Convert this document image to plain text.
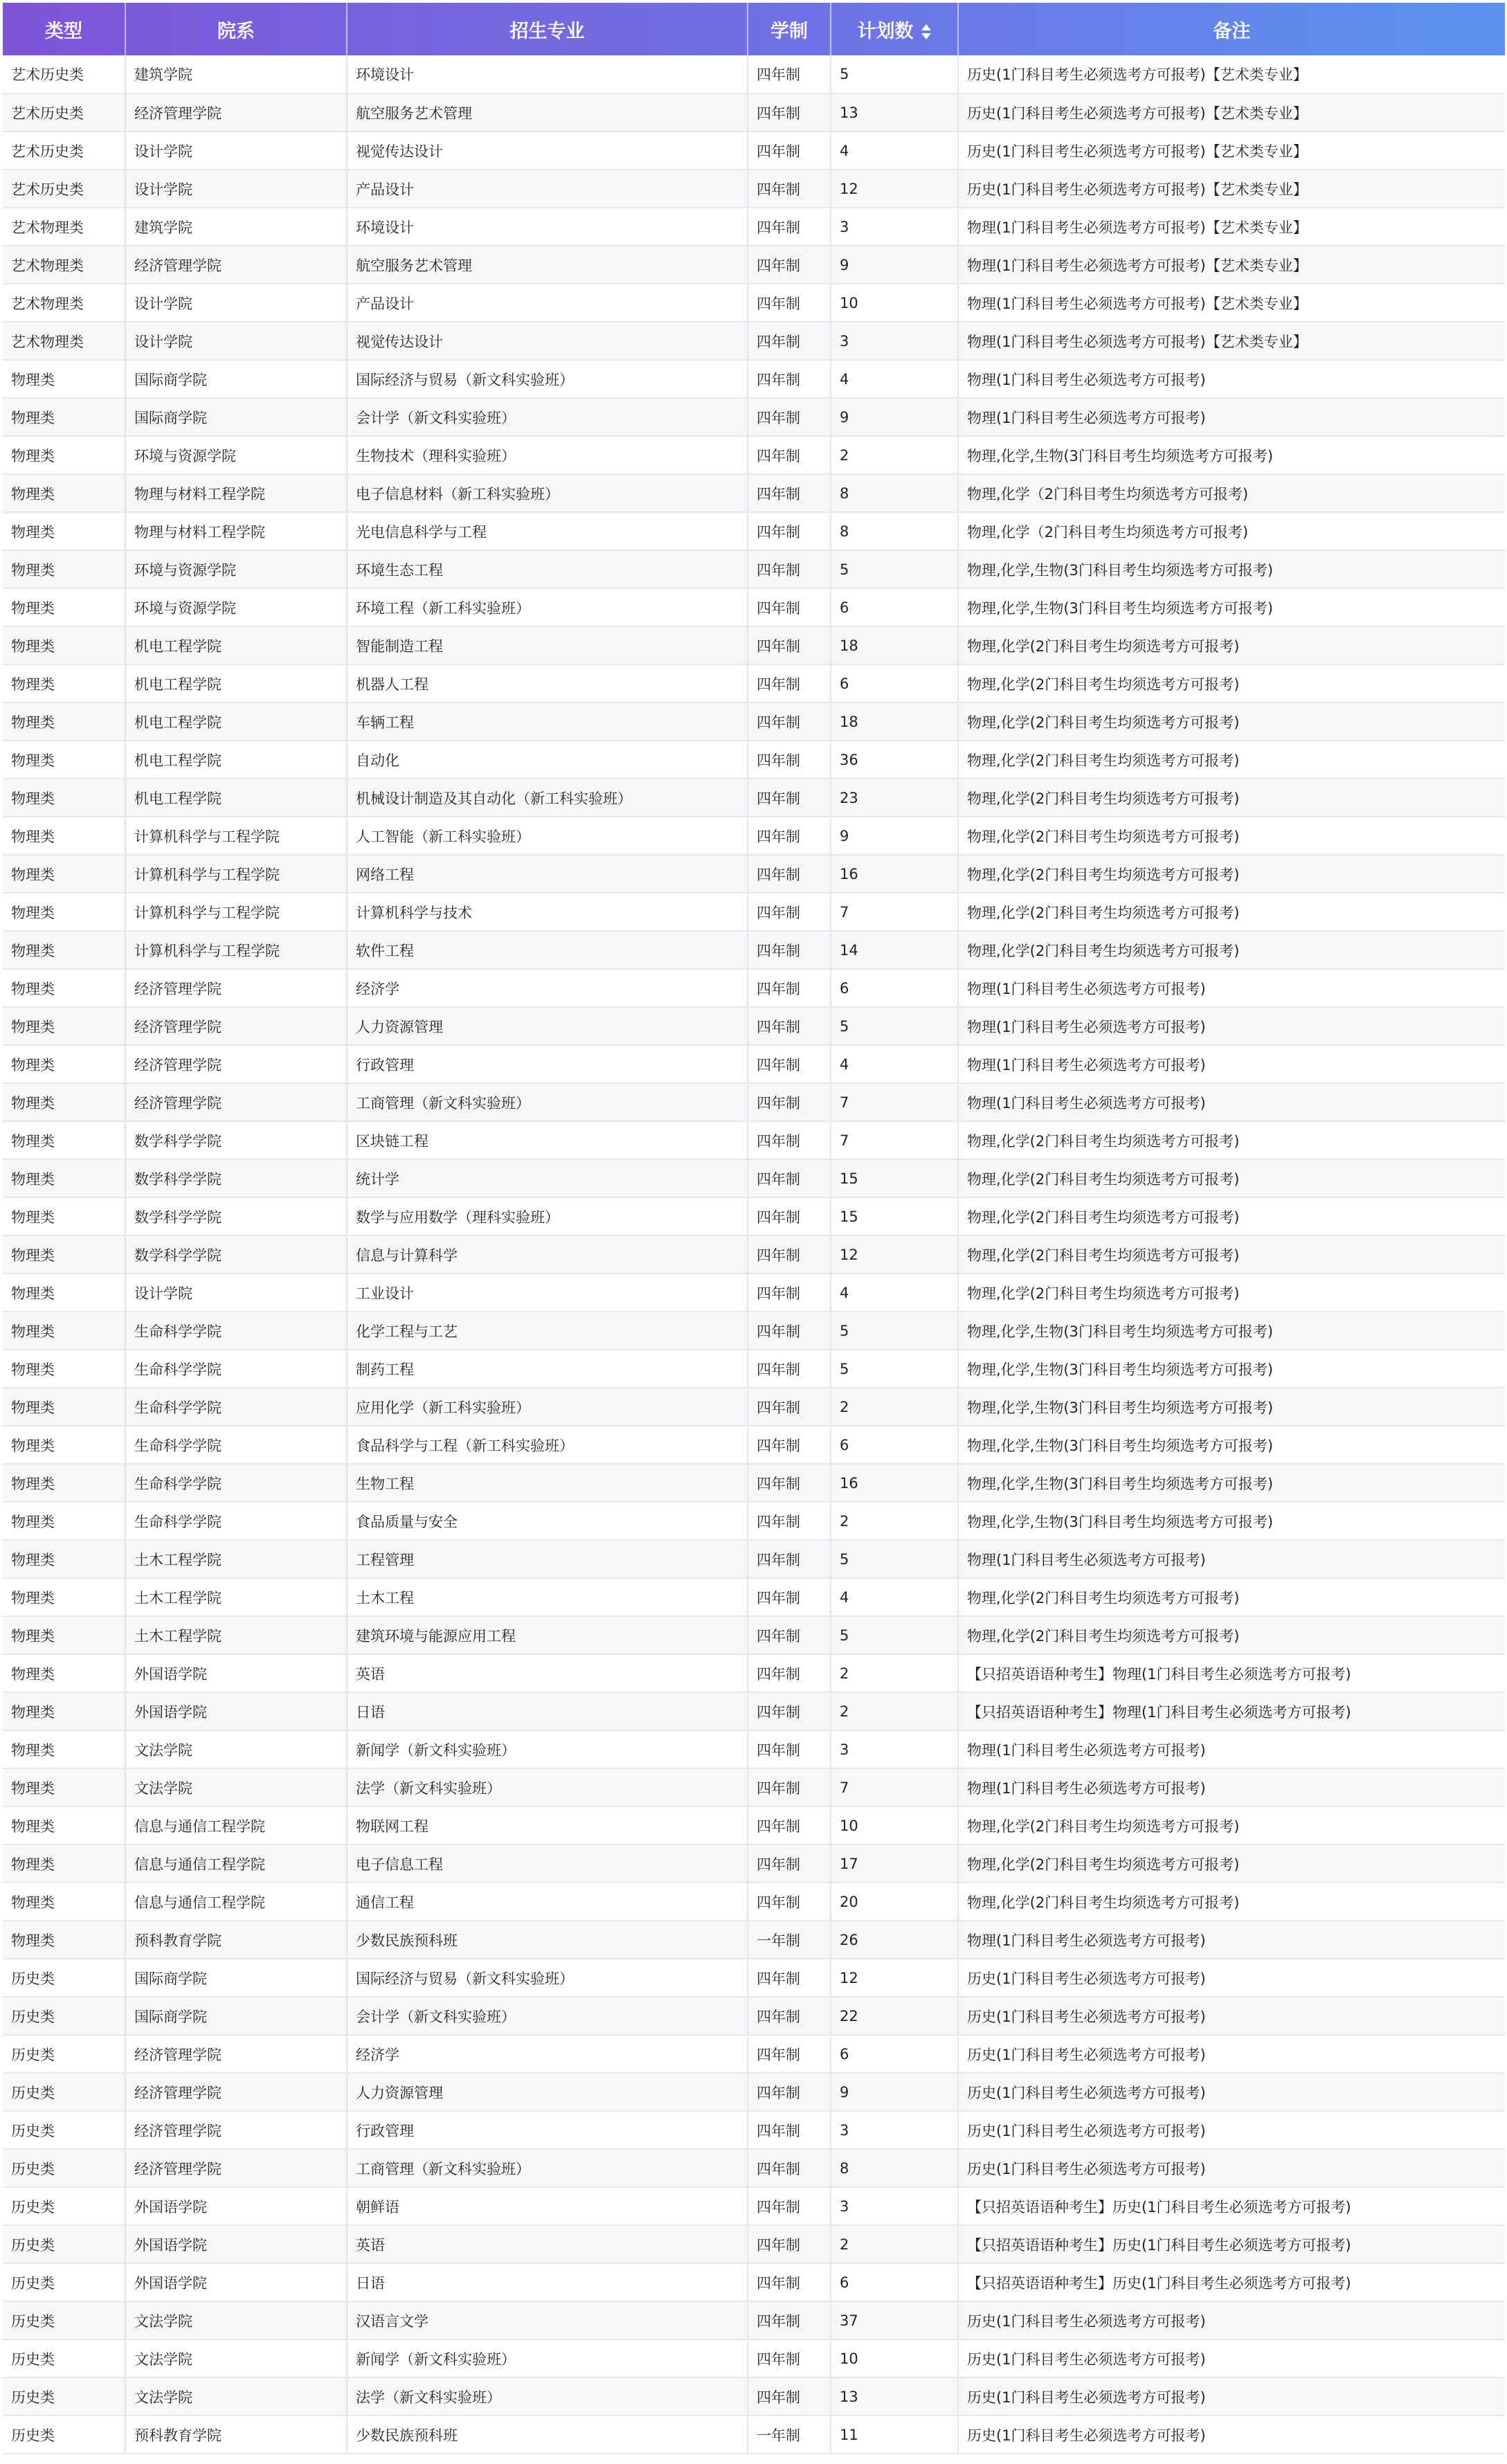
类型	院系	招生专业	学制	计划数	备注
艺术历史类	建筑学院	环境设计	四年制	5	历史(1门科目考生必须选考方可报考)【艺术类专业】
艺术历史类	经济管理学院	航空服务艺术管理	四年制	13	历史(1门科目考生必须选考方可报考)【艺术类专业】
艺术历史类	设计学院	视觉传达设计	四年制	4	历史(1门科目考生必须选考方可报考)【艺术类专业】
艺术历史类	设计学院	产品设计	四年制	12	历史(1门科目考生必须选考方可报考)【艺术类专业】
艺术物理类	建筑学院	环境设计	四年制	3	物理(1门科目考生必须选考方可报考)【艺术类专业】
艺术物理类	经济管理学院	航空服务艺术管理	四年制	9	物理(1门科目考生必须选考方可报考)【艺术类专业】
艺术物理类	设计学院	产品设计	四年制	10	物理(1门科目考生必须选考方可报考)【艺术类专业】
艺术物理类	设计学院	视觉传达设计	四年制	3	物理(1门科目考生必须选考方可报考)【艺术类专业】
物理类	国际商学院	国际经济与贸易（新文科实验班）	四年制	4	物理(1门科目考生必须选考方可报考)
物理类	国际商学院	会计学（新文科实验班）	四年制	9	物理(1门科目考生必须选考方可报考)
物理类	环境与资源学院	生物技术（理科实验班）	四年制	2	物理,化学,生物(3门科目考生均须选考方可报考)
物理类	物理与材料工程学院	电子信息材料（新工科实验班）	四年制	8	物理,化学（2门科目考生均须选考方可报考)
物理类	物理与材料工程学院	光电信息科学与工程	四年制	8	物理,化学（2门科目考生均须选考方可报考)
物理类	环境与资源学院	环境生态工程	四年制	5	物理,化学,生物(3门科目考生均须选考方可报考)
物理类	环境与资源学院	环境工程（新工科实验班）	四年制	6	物理,化学,生物(3门科目考生均须选考方可报考)
物理类	机电工程学院	智能制造工程	四年制	18	物理,化学(2门科目考生均须选考方可报考)
物理类	机电工程学院	机器人工程	四年制	6	物理,化学(2门科目考生均须选考方可报考)
物理类	机电工程学院	车辆工程	四年制	18	物理,化学(2门科目考生均须选考方可报考)
物理类	机电工程学院	自动化	四年制	36	物理,化学(2门科目考生均须选考方可报考)
物理类	机电工程学院	机械设计制造及其自动化（新工科实验班）	四年制	23	物理,化学(2门科目考生均须选考方可报考)
物理类	计算机科学与工程学院	人工智能（新工科实验班）	四年制	9	物理,化学(2门科目考生均须选考方可报考)
物理类	计算机科学与工程学院	网络工程	四年制	16	物理,化学(2门科目考生均须选考方可报考)
物理类	计算机科学与工程学院	计算机科学与技术	四年制	7	物理,化学(2门科目考生均须选考方可报考)
物理类	计算机科学与工程学院	软件工程	四年制	14	物理,化学(2门科目考生均须选考方可报考)
物理类	经济管理学院	经济学	四年制	6	物理(1门科目考生必须选考方可报考)
物理类	经济管理学院	人力资源管理	四年制	5	物理(1门科目考生必须选考方可报考)
物理类	经济管理学院	行政管理	四年制	4	物理(1门科目考生必须选考方可报考)
物理类	经济管理学院	工商管理（新文科实验班）	四年制	7	物理(1门科目考生必须选考方可报考)
物理类	数学科学学院	区块链工程	四年制	7	物理,化学(2门科目考生均须选考方可报考)
物理类	数学科学学院	统计学	四年制	15	物理,化学(2门科目考生均须选考方可报考)
物理类	数学科学学院	数学与应用数学（理科实验班）	四年制	15	物理,化学(2门科目考生均须选考方可报考)
物理类	数学科学学院	信息与计算科学	四年制	12	物理,化学(2门科目考生均须选考方可报考)
物理类	设计学院	工业设计	四年制	4	物理,化学(2门科目考生均须选考方可报考)
物理类	生命科学学院	化学工程与工艺	四年制	5	物理,化学,生物(3门科目考生均须选考方可报考)
物理类	生命科学学院	制药工程	四年制	5	物理,化学,生物(3门科目考生均须选考方可报考)
物理类	生命科学学院	应用化学（新工科实验班）	四年制	2	物理,化学,生物(3门科目考生均须选考方可报考)
物理类	生命科学学院	食品科学与工程（新工科实验班）	四年制	6	物理,化学,生物(3门科目考生均须选考方可报考)
物理类	生命科学学院	生物工程	四年制	16	物理,化学,生物(3门科目考生均须选考方可报考)
物理类	生命科学学院	食品质量与安全	四年制	2	物理,化学,生物(3门科目考生均须选考方可报考)
物理类	土木工程学院	工程管理	四年制	5	物理(1门科目考生必须选考方可报考)
物理类	土木工程学院	土木工程	四年制	4	物理,化学(2门科目考生均须选考方可报考)
物理类	土木工程学院	建筑环境与能源应用工程	四年制	5	物理,化学(2门科目考生均须选考方可报考)
物理类	外国语学院	英语	四年制	2	【只招英语语种考生】物理(1门科目考生必须选考方可报考)
物理类	外国语学院	日语	四年制	2	【只招英语语种考生】物理(1门科目考生必须选考方可报考)
物理类	文法学院	新闻学（新文科实验班）	四年制	3	物理(1门科目考生必须选考方可报考)
物理类	文法学院	法学（新文科实验班）	四年制	7	物理(1门科目考生必须选考方可报考)
物理类	信息与通信工程学院	物联网工程	四年制	10	物理,化学(2门科目考生均须选考方可报考)
物理类	信息与通信工程学院	电子信息工程	四年制	17	物理,化学(2门科目考生均须选考方可报考)
物理类	信息与通信工程学院	通信工程	四年制	20	物理,化学(2门科目考生均须选考方可报考)
物理类	预科教育学院	少数民族预科班	一年制	26	物理(1门科目考生必须选考方可报考)
历史类	国际商学院	国际经济与贸易（新文科实验班）	四年制	12	历史(1门科目考生必须选考方可报考)
历史类	国际商学院	会计学（新文科实验班）	四年制	22	历史(1门科目考生必须选考方可报考)
历史类	经济管理学院	经济学	四年制	6	历史(1门科目考生必须选考方可报考)
历史类	经济管理学院	人力资源管理	四年制	9	历史(1门科目考生必须选考方可报考)
历史类	经济管理学院	行政管理	四年制	3	历史(1门科目考生必须选考方可报考)
历史类	经济管理学院	工商管理（新文科实验班）	四年制	8	历史(1门科目考生必须选考方可报考)
历史类	外国语学院	朝鲜语	四年制	3	【只招英语语种考生】历史(1门科目考生必须选考方可报考)
历史类	外国语学院	英语	四年制	2	【只招英语语种考生】历史(1门科目考生必须选考方可报考)
历史类	外国语学院	日语	四年制	6	【只招英语语种考生】历史(1门科目考生必须选考方可报考)
历史类	文法学院	汉语言文学	四年制	37	历史(1门科目考生必须选考方可报考)
历史类	文法学院	新闻学（新文科实验班）	四年制	10	历史(1门科目考生必须选考方可报考)
历史类	文法学院	法学（新文科实验班）	四年制	13	历史(1门科目考生必须选考方可报考)
历史类	预科教育学院	少数民族预科班	一年制	11	历史(1门科目考生必须选考方可报考)
